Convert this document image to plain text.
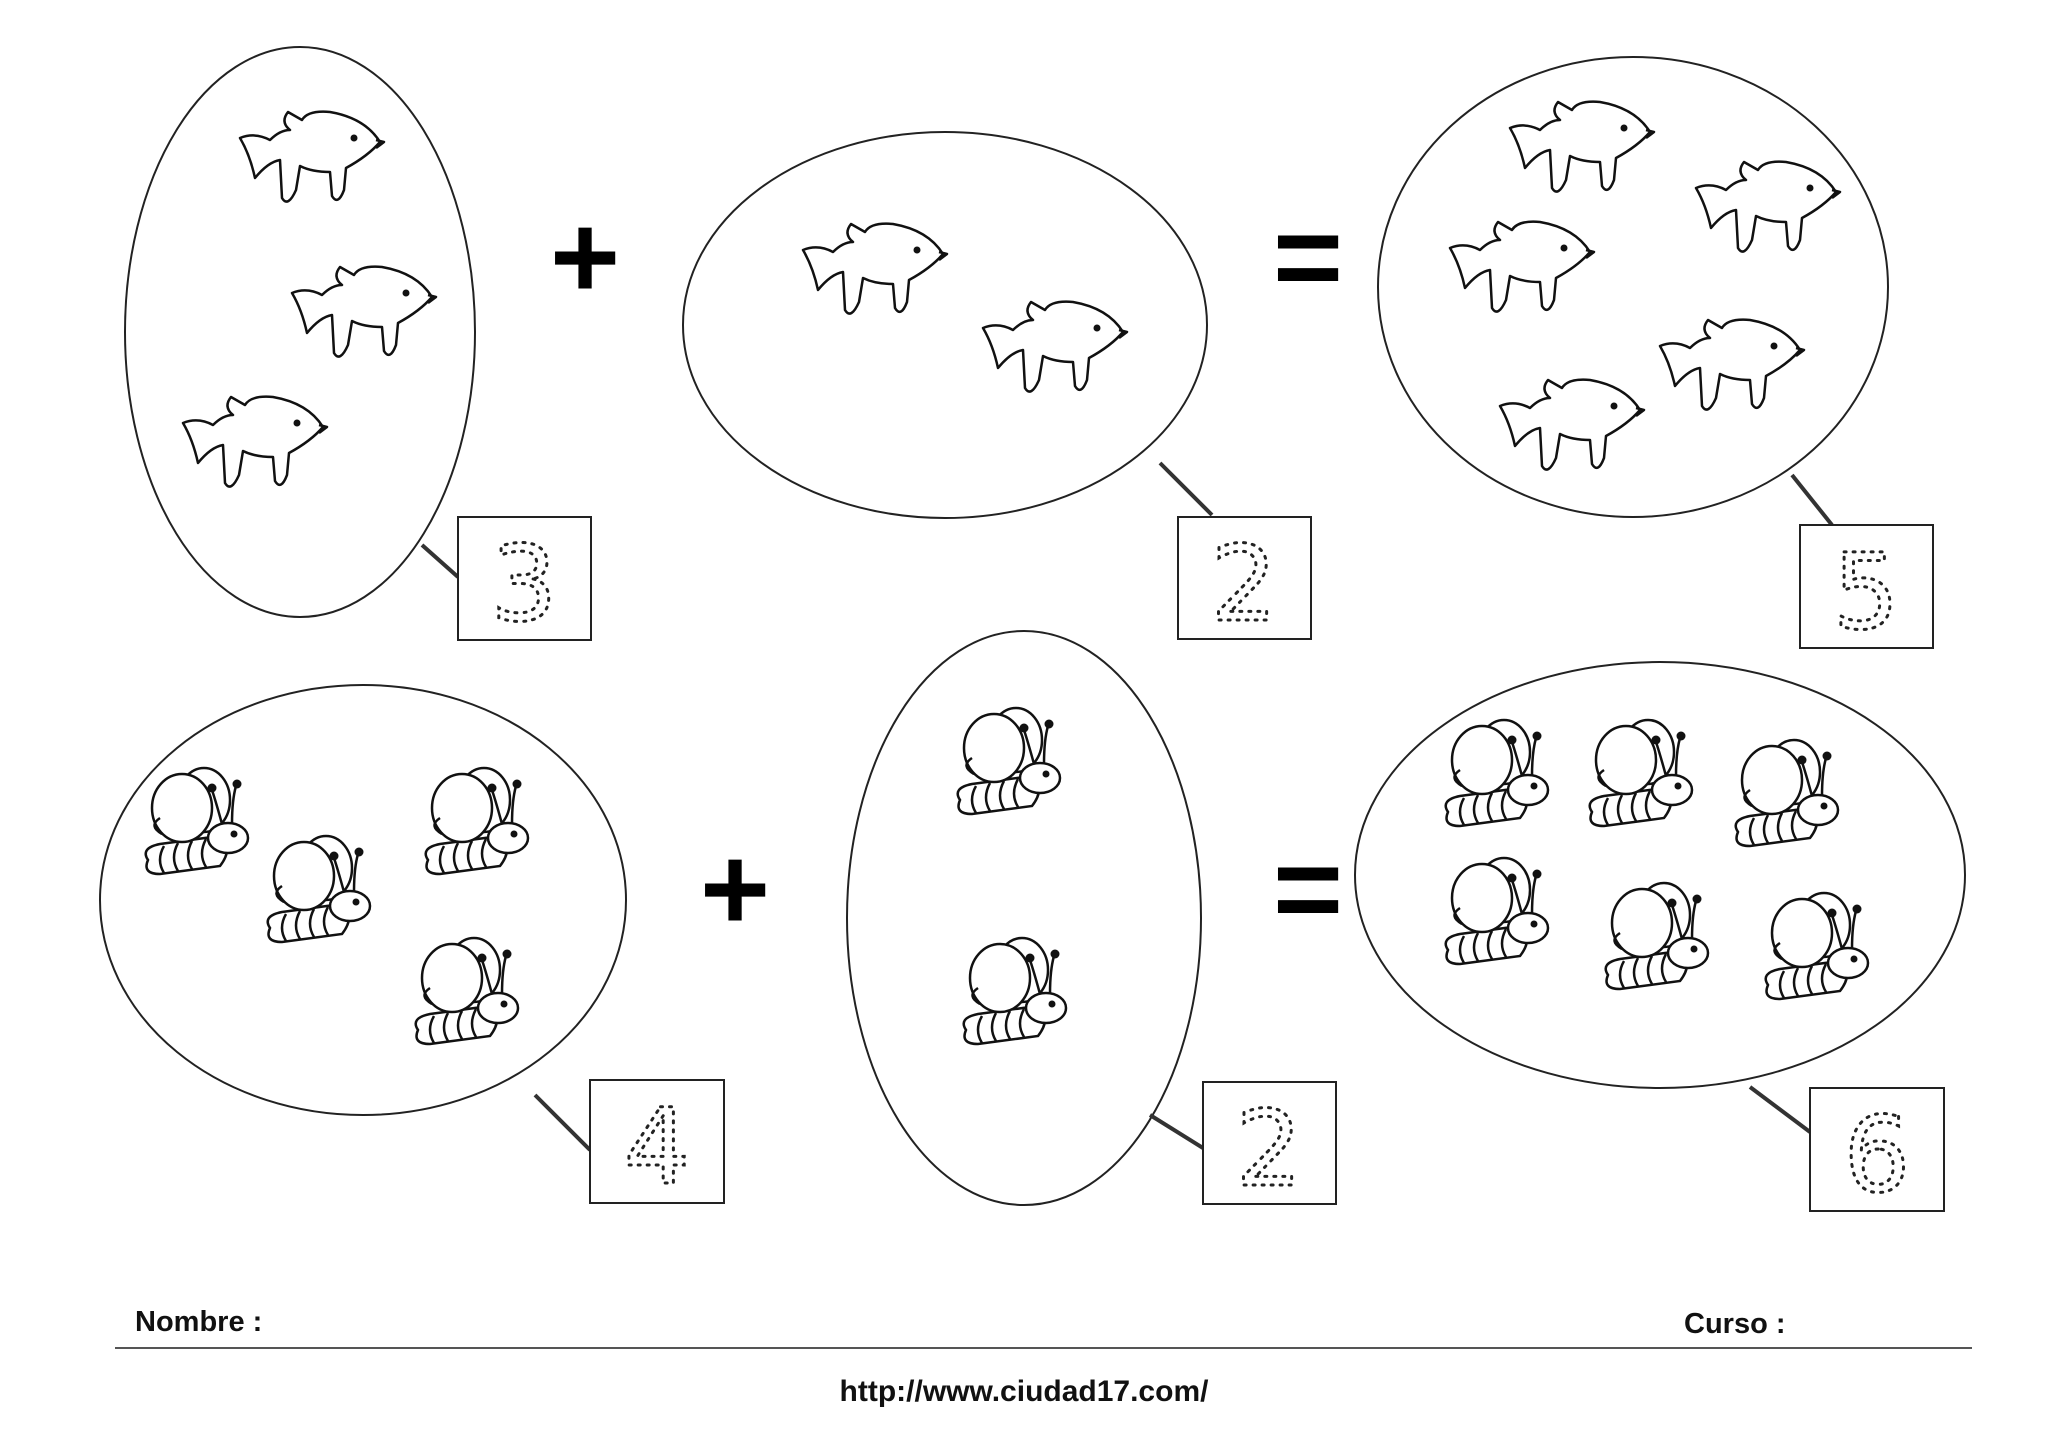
3
+
2
=
5
4
+
2
=
6
Nombre :	Curso :
http://www.ciudad17.com/
